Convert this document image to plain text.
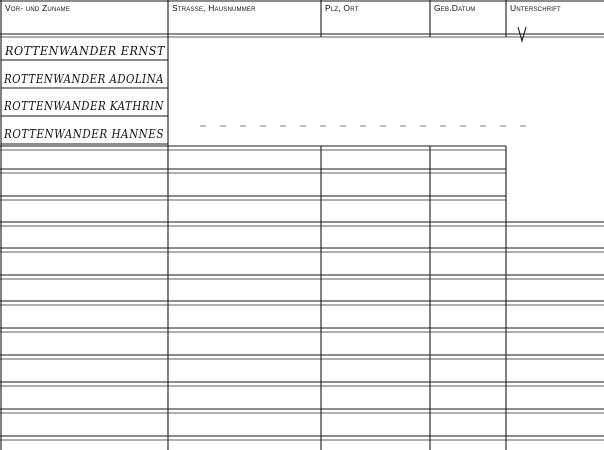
Vor- und Zuname	Strasse, Hausnummer	Plz, Ort	Geb.Datum	Unterschrift
ROTTENWANDER ERNST
ROTTENWANDER ADOLINA
ROTTENWANDER KATHRIN
ROTTENWANDER HANNES
